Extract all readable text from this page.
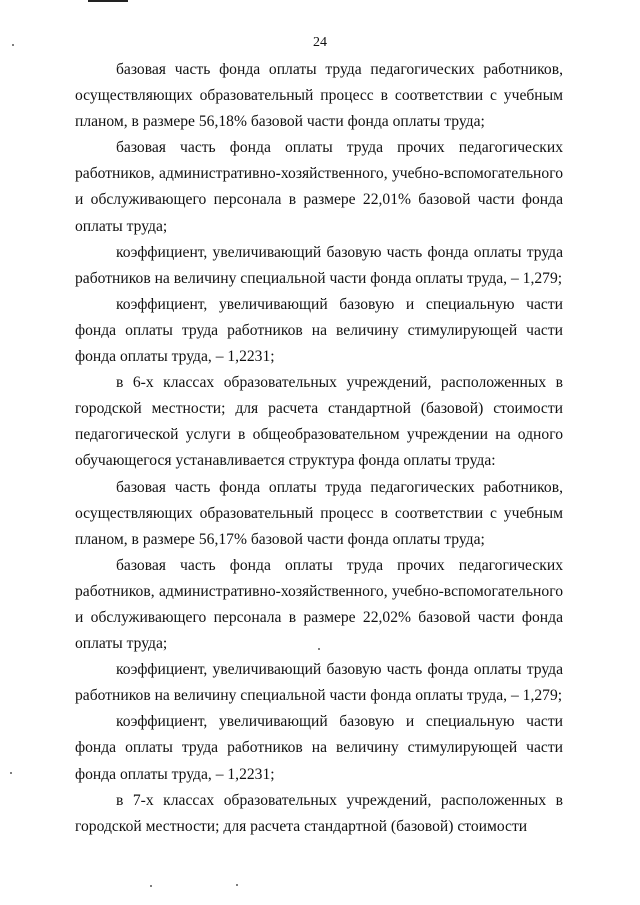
24

базовая часть фонда оплаты труда педагогических работников, осуществляющих образовательный процесс в соответствии с учебным планом, в размере 56,18% базовой части фонда оплаты труда;

базовая часть фонда оплаты труда прочих педагогических работников, административно-хозяйственного, учебно-вспомогательного и обслуживающего персонала в размере 22,01% базовой части фонда оплаты труда;

коэффициент, увеличивающий базовую часть фонда оплаты труда работников на величину специальной части фонда оплаты труда, – 1,279;

коэффициент, увеличивающий базовую и специальную части фонда оплаты труда работников на величину стимулирующей части фонда оплаты труда, – 1,2231;

в 6-х классах образовательных учреждений, расположенных в городской местности; для расчета стандартной (базовой) стоимости педагогической услуги в общеобразовательном учреждении на одного обучающегося устанавливается структура фонда оплаты труда:

базовая часть фонда оплаты труда педагогических работников, осуществляющих образовательный процесс в соответствии с учебным планом, в размере 56,17% базовой части фонда оплаты труда;

базовая часть фонда оплаты труда прочих педагогических работников, административно-хозяйственного, учебно-вспомогательного и обслуживающего персонала в размере 22,02% базовой части фонда оплаты труда;

коэффициент, увеличивающий базовую часть фонда оплаты труда работников на величину специальной части фонда оплаты труда, – 1,279;

коэффициент, увеличивающий базовую и специальную части фонда оплаты труда работников на величину стимулирующей части фонда оплаты труда, – 1,2231;

в 7-х классах образовательных учреждений, расположенных в городской местности; для расчета стандартной (базовой) стоимости
